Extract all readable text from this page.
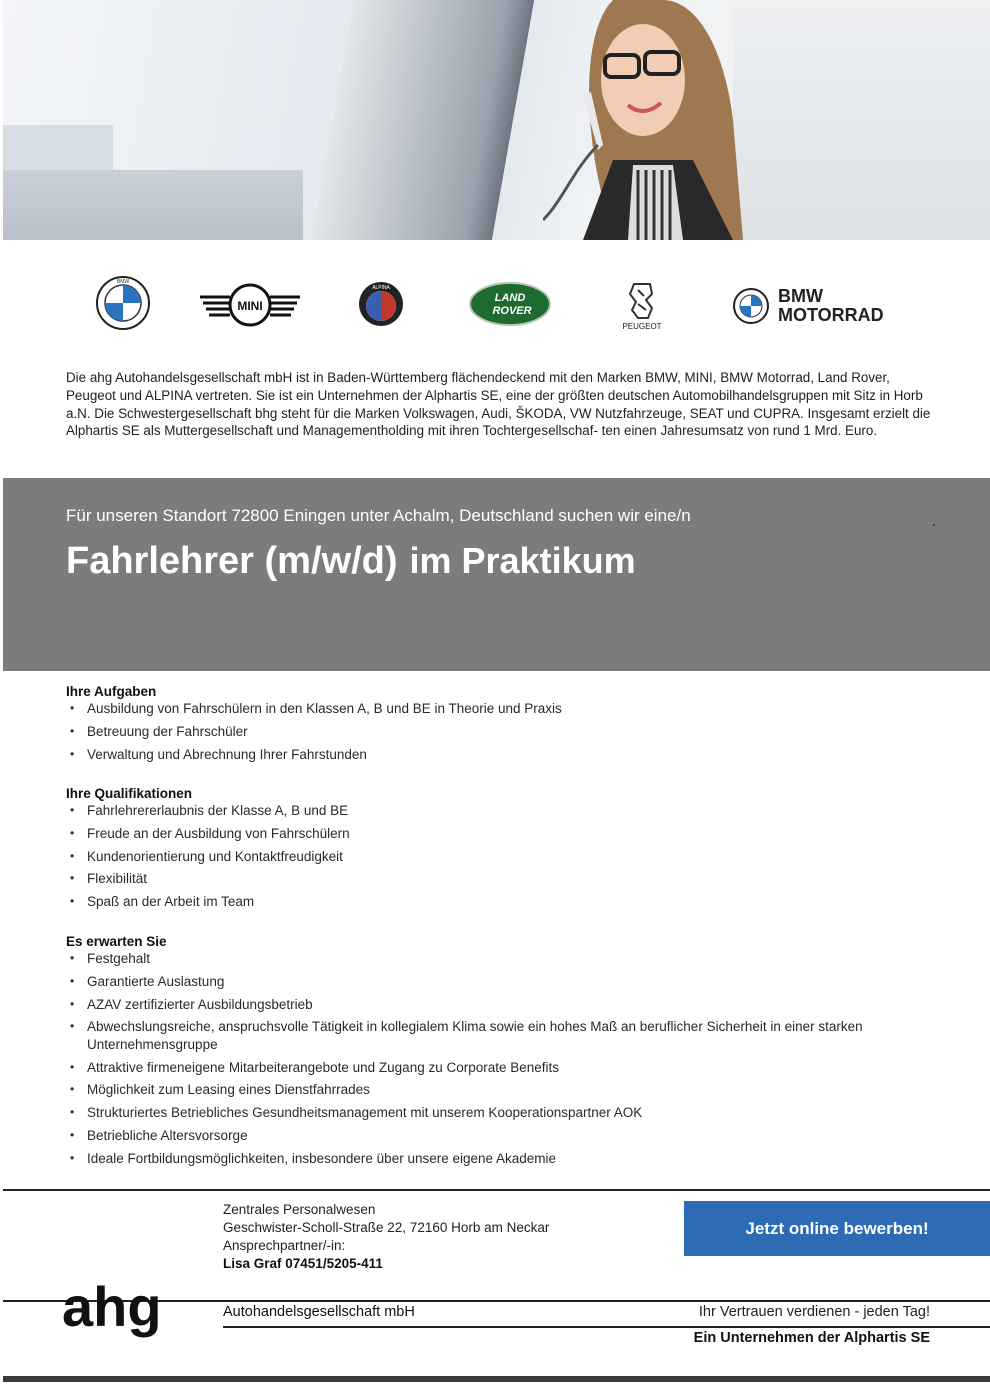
BMW
MINI
ALPINA
LAND
ROVER
PEUGEOT
BMW
MOTORRAD
Die ahg Autohandelsgesellschaft mbH ist in Baden-Württemberg flächendeckend mit den Marken BMW, MINI, BMW Motorrad, Land Rover, Peugeot und ALPINA vertreten. Sie ist ein Unternehmen der Alphartis SE, eine der größten deutschen Automobilhandelsgruppen mit Sitz in Horb a.N. Die Schwestergesellschaft bhg steht für die Marken Volkswagen, Audi, ŠKODA, VW Nutzfahrzeuge, SEAT und CUPRA. Insgesamt erzielt die Alphartis SE als Muttergesellschaft und Managementholding mit ihren Tochtergesellschaf- ten einen Jahresumsatz von rund 1 Mrd. Euro.
Für unseren Standort 72800 Eningen unter Achalm, Deutschland suchen wir eine/n
Fahrlehrer (m/w/d) im Praktikum
Ihre Aufgaben
• Ausbildung von Fahrschülern in den Klassen A, B und BE in Theorie und Praxis
• Betreuung der Fahrschüler
• Verwaltung und Abrechnung Ihrer Fahrstunden
Ihre Qualifikationen
• Fahrlehrererlaubnis der Klasse A, B und BE
• Freude an der Ausbildung von Fahrschülern
• Kundenorientierung und Kontaktfreudigkeit
• Flexibilität
• Spaß an der Arbeit im Team
Es erwarten Sie
• Festgehalt
• Garantierte Auslastung
• AZAV zertifizierter Ausbildungsbetrieb
• Abwechslungsreiche, anspruchsvolle Tätigkeit in kollegialem Klima sowie ein hohes Maß an beruflicher Sicherheit in einer starken Unternehmensgruppe
• Attraktive firmeneigene Mitarbeiterangebote und Zugang zu Corporate Benefits
• Möglichkeit zum Leasing eines Dienstfahrrades
• Strukturiertes Betriebliches Gesundheitsmanagement mit unserem Kooperationspartner AOK
• Betriebliche Altersvorsorge
• Ideale Fortbildungsmöglichkeiten, insbesondere über unsere eigene Akademie
Zentrales Personalwesen
Geschwister-Scholl-Straße 22, 72160 Horb am Neckar
Ansprechpartner/-in:
Lisa Graf 07451/5205-411
Jetzt online bewerben!
ahg	Autohandelsgesellschaft mbH	Ihr Vertrauen verdienen - jeden Tag!
Ein Unternehmen der Alphartis SE
